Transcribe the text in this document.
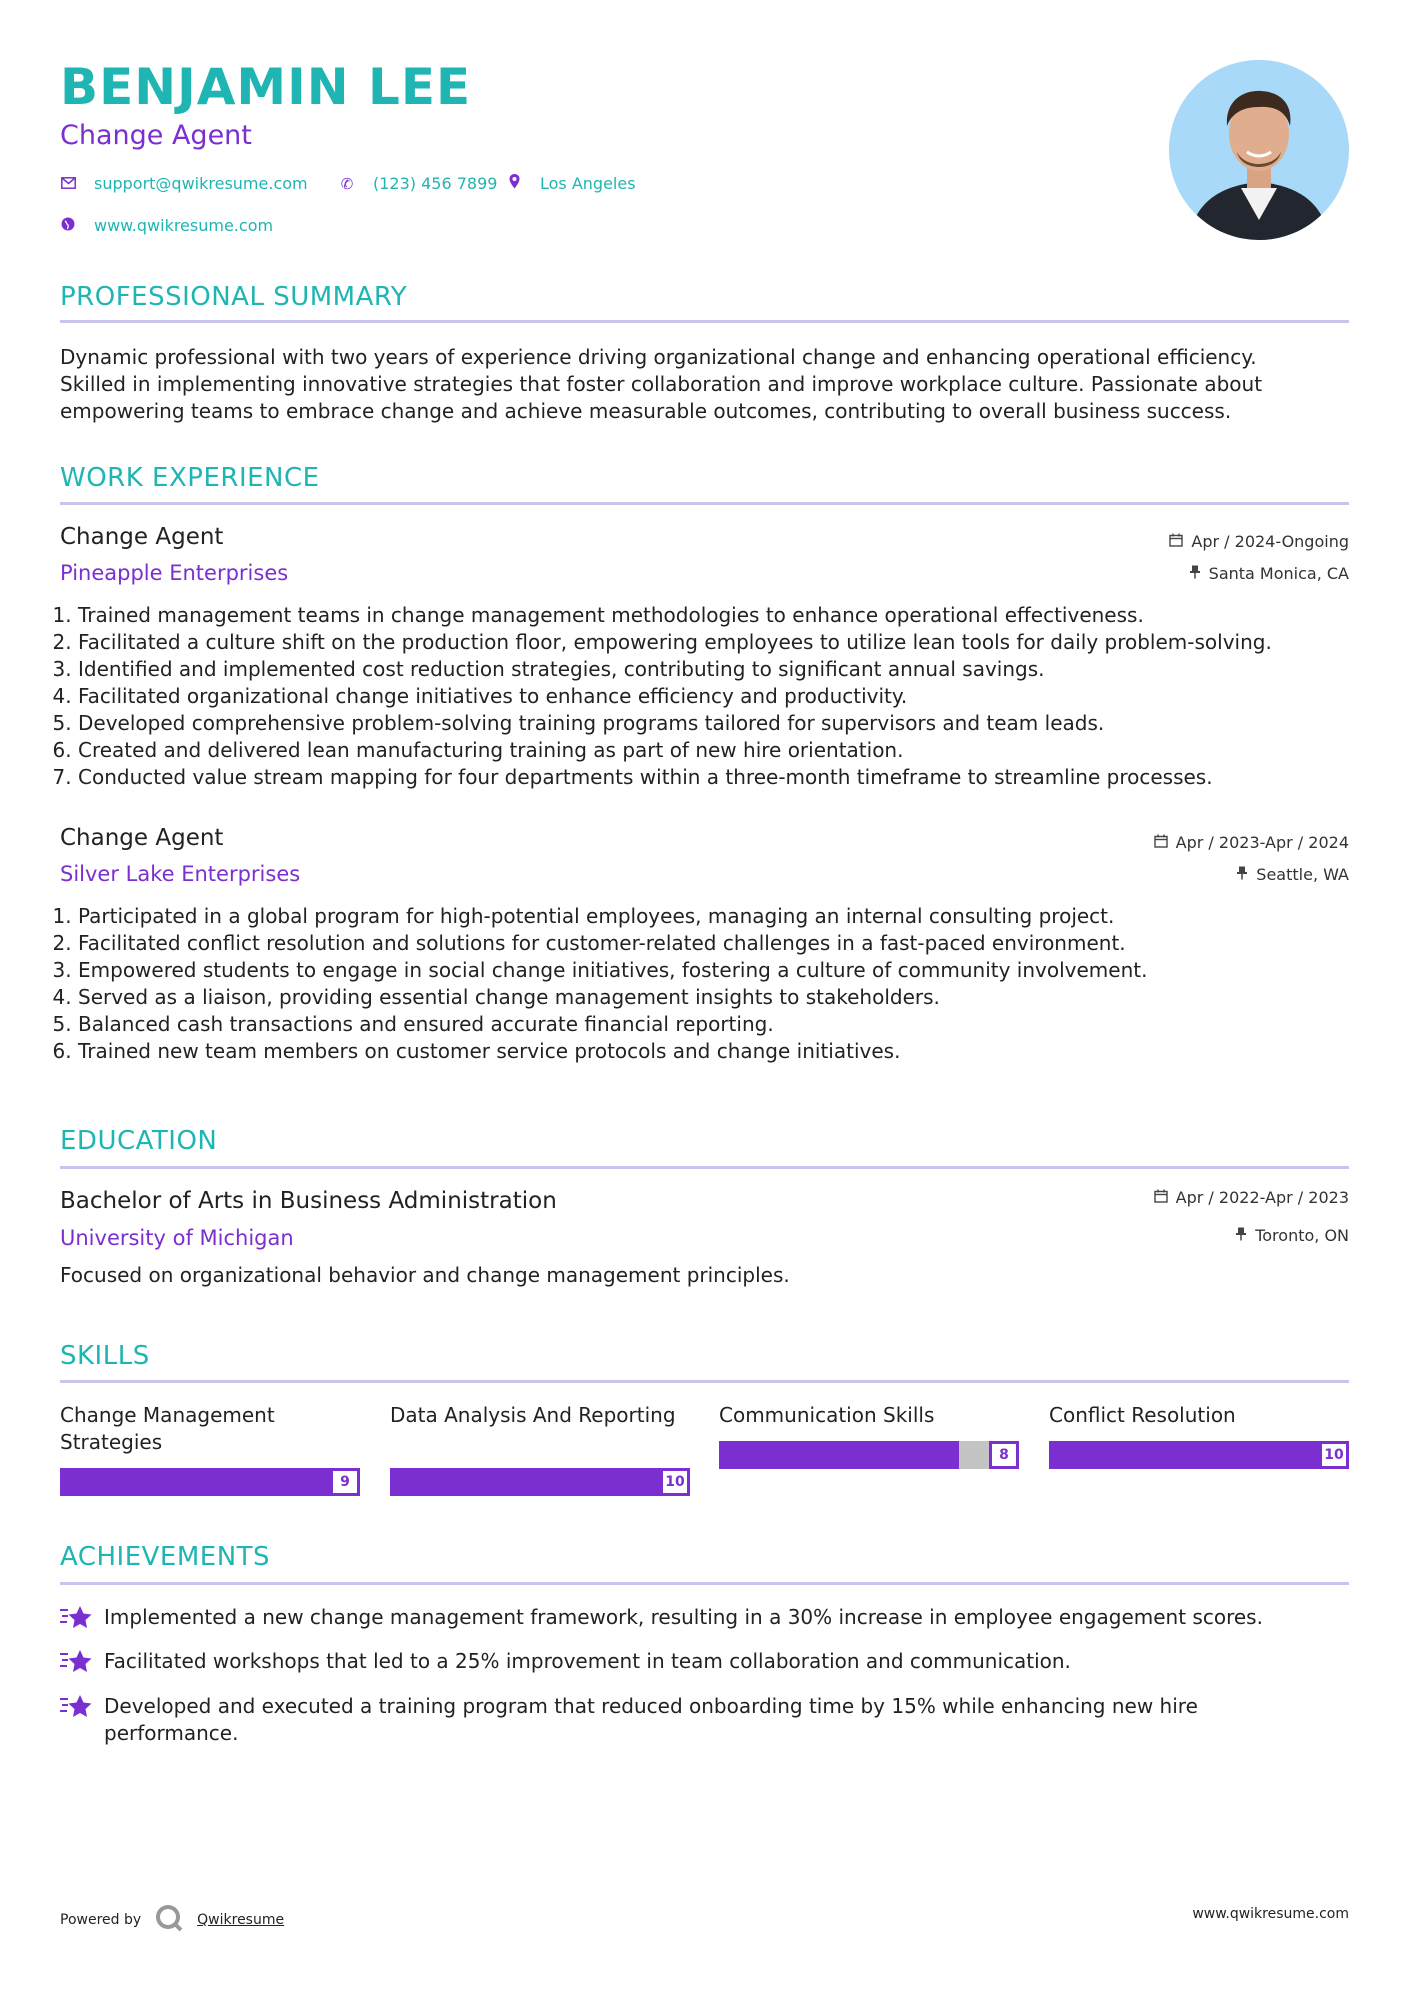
BENJAMIN LEE
Change Agent
support@qwikresume.com ✆ (123) 456 7899	Los Angeles
www.qwikresume.com
PROFESSIONAL SUMMARY
Dynamic professional with two years of experience driving organizational change and enhancing operational efficiency.
Skilled in implementing innovative strategies that foster collaboration and improve workplace culture. Passionate about
empowering teams to embrace change and achieve measurable outcomes, contributing to overall business success.
WORK EXPERIENCE
Change Agent
Pineapple Enterprises
Apr / 2024-Ongoing
Santa Monica, CA
1. Trained management teams in change management methodologies to enhance operational effectiveness.
2. Facilitated a culture shift on the production floor, empowering employees to utilize lean tools for daily problem-solving.
3. Identified and implemented cost reduction strategies, contributing to significant annual savings.
4. Facilitated organizational change initiatives to enhance efficiency and productivity.
5. Developed comprehensive problem-solving training programs tailored for supervisors and team leads.
6. Created and delivered lean manufacturing training as part of new hire orientation.
7. Conducted value stream mapping for four departments within a three-month timeframe to streamline processes.
Change Agent
Silver Lake Enterprises
Apr / 2023-Apr / 2024
Seattle, WA
1. Participated in a global program for high-potential employees, managing an internal consulting project.
2. Facilitated conflict resolution and solutions for customer-related challenges in a fast-paced environment.
3. Empowered students to engage in social change initiatives, fostering a culture of community involvement.
4. Served as a liaison, providing essential change management insights to stakeholders.
5. Balanced cash transactions and ensured accurate financial reporting.
6. Trained new team members on customer service protocols and change initiatives.
EDUCATION
Bachelor of Arts in Business Administration
University of Michigan
Apr / 2022-Apr / 2023
Toronto, ON
Focused on organizational behavior and change management principles.
SKILLS
Change Management Strategies
9
Data Analysis And Reporting
10
Communication Skills
8
Conflict Resolution
10
ACHIEVEMENTS
Implemented a new change management framework, resulting in a 30% increase in employee engagement scores.
Facilitated workshops that led to a 25% improvement in team collaboration and communication.
Developed and executed a training program that reduced onboarding time by 15% while enhancing new hire performance.
Powered by	Qwikresume	www.qwikresume.com
